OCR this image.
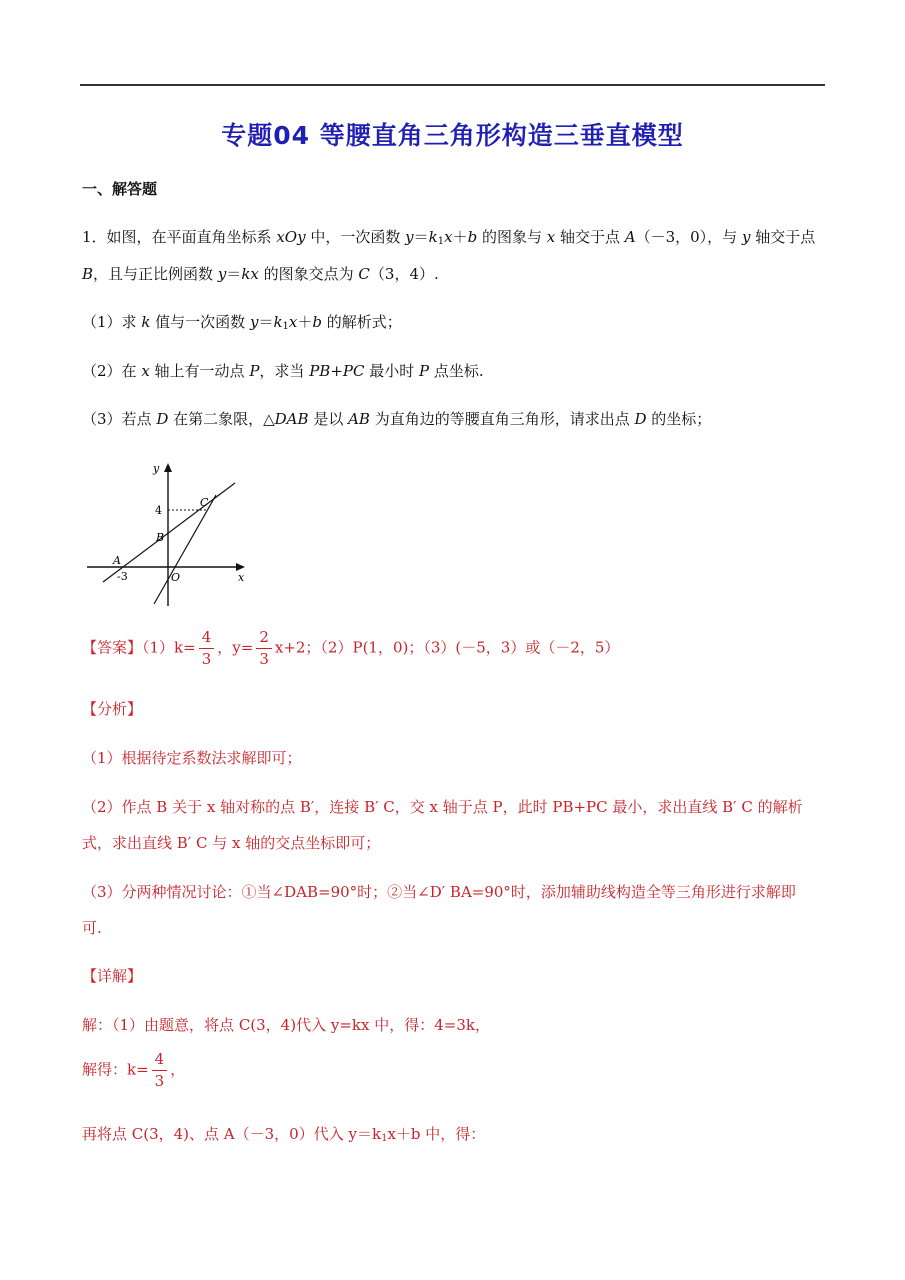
专题04 等腰直角三角形构造三垂直模型
一、解答题
1．如图，在平面直角坐标系 xOy 中，一次函数 $y=k_1x+b$ 的图象与 x 轴交于点 A（－3，0），与 y 轴交于点
B，且与正比例函数 y＝kx 的图象交点为 C（3，4）.
（1）求 k 值与一次函数 $y=k_1x+b$ 的解析式；
（2）在 x 轴上有一动点 P，求当 PB+PC 最小时 P 点坐标.
（3）若点 D 在第二象限，△DAB 是以 AB 为直角边的等腰直角三角形，请求出点 D 的坐标；
y
x
O
A
B
C
4
-3
【答案】$(1)k= \frac{4}{3}$ ，$y= \frac{2}{3} x+2$；（2）P(1，0)；（3）(－5，3）或（－2，5）
【分析】
（1）根据待定系数法求解即可；
（2）作点 B 关于 x 轴对称的点 B′，连接 B′ C，交 x 轴于点 P，此时 PB+PC 最小，求出直线 B′ C 的解析
式，求出直线 B′ C 与 x 轴的交点坐标即可；
（3）分两种情况讨论：①当∠DAB=90°时；②当∠D′ BA=90°时，添加辅助线构造全等三角形进行求解即
可.
【详解】
解：（1）由题意，将点 C(3，4)代入 y=kx 中，得：4=3k，
解得：$k= \frac{4}{3}$ ，
再将点 C(3，4)、点 A（－3，0）代入 $y=k_1x+b$ 中，得：
